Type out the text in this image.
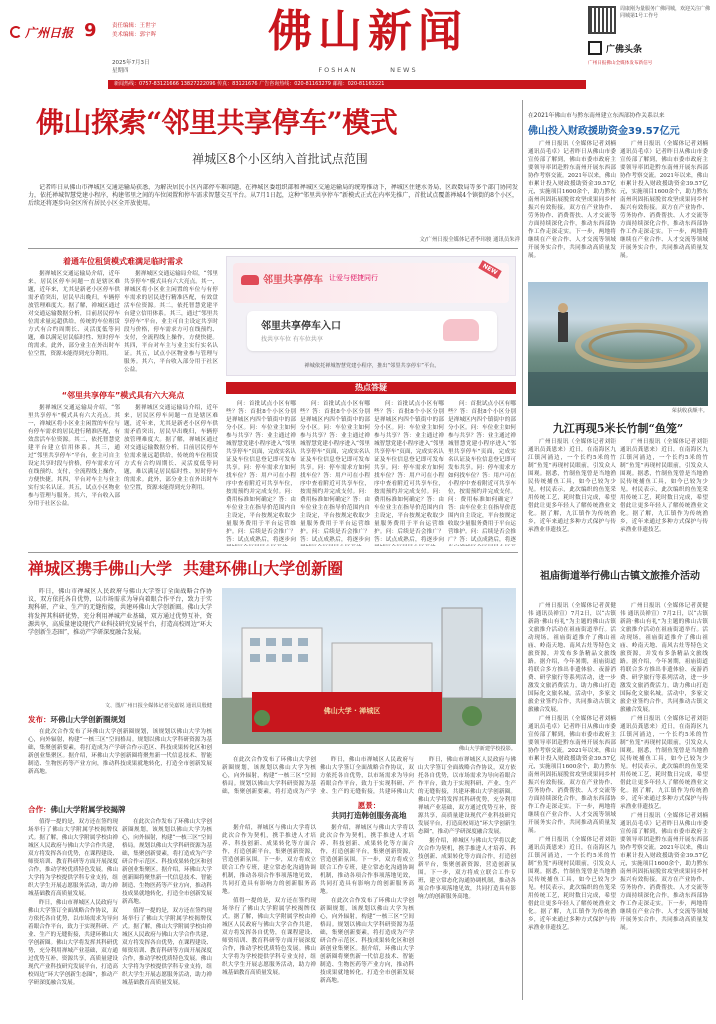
广州日报 9	责任编辑：王世宇
美术编辑：郭宇晖
2025年7月3日
星期四
佛山新闻
FOSHAN        NEWS
周康刚为量服务广佛同城，欢迎关注广佛同城第1号工作号
广佛头条
广州日报佛山全媒体发布新信号
新闻热线：0757-83121666 13827222096 传真：83121676 广告咨询热线：020-81163279 邮箱：020-81163221
佛山探索“邻里共享停车”模式
禅城区8个小区纳入首批试点范围

记者昨日从佛山市禅城区交通运输局获悉，为解决居民小区内部停车难问题，在禅城区委组织部和禅城区交通运输局的统筹推动下，禅城区住建水务局、区政数局等多个部门协同发力，依托禅城智慧党建小程序，构建邻里之间的车位闲置和停车需求智慧交互平台。从7月1日起，这种“邻里共享停车”新模式正式在内率先推广，首批试点覆盖禅城4个镇街的8个小区，后续还将逐步向全区所有居民小区全开放使用。

文/广州日报全媒体记者李玮骏 通讯员朱祥
着通车位租赁模式难满足临时需求

据禅城区交通运输局介绍，近年来，居民区停车问题一直是辖区难题，近年来，尤其是新老小区停车供需矛盾突出，居民早出晚归，车辆停放管理难度大。据了解，禅城区通过对交通运输数据分析，目前居民停车位需求量远超供给，传统的车位租赁方式有合约周期长、灵活度低等问题，难以满足居民临时性、短时停车的需求。此外，部分业主在外出时车位空置，资源未能得到充分利用。

据禅城区交通运输局介绍，“邻里共享停车”模式具有六大亮点。其一，禅城区将小区业主闲置的车位与有停车需求的居民进行精准匹配，有效盘活车位资源。其二，依托智慧党建平台建立信用体系。其三，通过“邻里共享停车”平台，业主可自主设定共享时段与价格，停车需求方可在线预约、支付，全流程线上操作，方便快捷。其四，平台对车主与业主实行实名认证。其五，试点小区物业参与管理与服务。其六，平台收入部分用于社区公益。

邻里共享停车 让爱与便捷同行
NEW
邻里共享停车入口
找共享车位 有车位共享
禅城依托禅城智慧党建小程序，推出“邻里共享停车”平台。
“邻里共享停车”模式具有六大亮点

据禅城区交通运输局介绍，“邻里共享停车”模式具有六大亮点。其一，禅城区将小区业主闲置的车位与有停车需求的居民进行精准匹配，有效盘活车位资源。其二，依托智慧党建平台建立信用体系。其三，通过“邻里共享停车”平台，业主可自主设定共享时段与价格，停车需求方可在线预约、支付，全流程线上操作，方便快捷。其四，平台对车主与业主实行实名认证。其五，试点小区物业参与管理与服务。其六，平台收入部分用于社区公益。

据禅城区交通运输局介绍，近年来，居民区停车问题一直是辖区难题，近年来，尤其是新老小区停车供需矛盾突出，居民早出晚归，车辆停放管理难度大。据了解，禅城区通过对交通运输数据分析，目前居民停车位需求量远超供给，传统的车位租赁方式有合约周期长、灵活度低等问题，难以满足居民临时性、短时停车的需求。此外，部分业主在外出时车位空置，资源未能得到充分利用。

热点答疑

问：首批试点小区有哪些？答：首批8个小区分别是禅城区内四个镇街中的部分小区。问：车位业主如何参与共享？答：业主通过禅城智慧党建小程序进入“邻里共享停车”页面，完成实名认证及车位信息登记即可发布共享。问：停车需求方如何找车位？答：用户可在小程序中查看附近可共享车位，按需预约并完成支付。问：费用标准如何确定？答：由车位业主在指导价范围内自主设定，平台按规定收取少量服务费用于平台运营维护。问：后续是否会推广？答：试点成熟后，将逐步向

问：首批试点小区有哪些？答：首批8个小区分别是禅城区内四个镇街中的部分小区。问：车位业主如何参与共享？答：业主通过禅城智慧党建小程序进入“邻里共享停车”页面，完成实名认证及车位信息登记即可发布共享。问：停车需求方如何找车位？答：用户可在小程序中查看附近可共享车位，按需预约并完成支付。问：费用标准如何确定？答：由车位业主在指导价范围内自主设定，平台按规定收取少量服务费用于平台运营维护。问：后续是否会推广？答：试点成熟后，将逐步向

问：首批试点小区有哪些？答：首批8个小区分别是禅城区内四个镇街中的部分小区。问：车位业主如何参与共享？答：业主通过禅城智慧党建小程序进入“邻里共享停车”页面，完成实名认证及车位信息登记即可发布共享。问：停车需求方如何找车位？答：用户可在小程序中查看附近可共享车位，按需预约并完成支付。问：费用标准如何确定？答：由车位业主在指导价范围内自主设定，平台按规定收取少量服务费用于平台运营维护。问：后续是否会推广？答：试点成熟后，将逐步向

问：首批试点小区有哪些？答：首批8个小区分别是禅城区内四个镇街中的部分小区。问：车位业主如何参与共享？答：业主通过禅城智慧党建小程序进入“邻里共享停车”页面，完成实名认证及车位信息登记即可发布共享。问：停车需求方如何找车位？答：用户可在小程序中查看附近可共享车位，按需预约并完成支付。问：费用标准如何确定？答：由车位业主在指导价范围内自主设定，平台按规定收取少量服务费用于平台运营维护。问：后续是否会推广？答：试点成熟后，将逐

在2021年佛山市与黔东南州建立东西部协作关系以来
佛山投入财政援助资金39.57亿元

广州日报讯（全媒体记者刘楠 通讯员毛卓）记者昨日从佛山市委宣传部了解到，佛山市委市政府主要领导率团赴黔东南州开展东西部协作考察交流。2021年以来，佛山市累计投入财政援助资金39.57亿元，实施项目1600余个，助力黔东南州巩固拓展脱贫攻坚成果同乡村振兴有效衔接。双方在产业协作、劳务协作、消费帮扶、人才交流等方面持续深化合作，推动东西部协作工作走深走实。下一步，两地将继续在产业合作、人才交流等领域开展务实合作，共同推动高质量发展。

广州日报讯（全媒体记者刘楠 通讯员毛卓）记者昨日从佛山市委宣传部了解到，佛山市委市政府主要领导率团赴黔东南州开展东西部协作考察交流。2021年以来，佛山市累计投入财政援助资金39.57亿元，实施项目1600余个，助力黔东南州巩固拓展脱贫攻坚成果同乡村振兴有效衔接。双方在产业协作、劳务协作、消费帮扶、人才交流等方面持续深化合作，推动东西部协作工作走深走实。下一步，两地将继续在产业合作、人才交流等领域开展务实合作，共同推动高质量发展。

荣获收获颇丰。
九江再现5米长竹制“鱼笼”

广州日报讯（全媒体记者刘钜 通讯员龚恩来）近日，在南海区九江镇河涌边，一个长约5米的竹制“鱼笼”再现村民眼前，引发众人围观。据悉，竹制鱼笼曾是当地渔民传统捕鱼工具，如今已较为少见。村民表示，此次编织的鱼笼采用传统工艺，耗时数日完成，希望借此让更多年轻人了解传统渔业文化。据了解，九江镇作为传统渔乡，近年来通过多种方式保护与传承渔业非遗技艺。

广州日报讯（全媒体记者刘钜 通讯员龚恩来）近日，在南海区九江镇河涌边，一个长约5米的竹制“鱼笼”再现村民眼前，引发众人围观。据悉，竹制鱼笼曾是当地渔民传统捕鱼工具，如今已较为少见。村民表示，此次编织的鱼笼采用传统工艺，耗时数日完成，希望借此让更多年轻人了解传统渔业文化。据了解，九江镇作为传统渔乡，近年来通过多种方式保护与传承渔业非遗技艺。

祖庙街道举行佛山古镇文旅推介活动

广州日报讯（全媒体记者黄健伟 通讯员禅宣）7月2日，以“古镇新韵·佛山有礼”为主题的佛山古镇文旅推介活动在祖庙街道举行。活动现场，祖庙街道推介了佛山祖庙、岭南天地、南风古灶等特色文旅资源，并发布多条精品文旅线路。据介绍，今年暑期，祖庙街道将联合多方推出非遗体验、夜游消费、研学旅行等系列活动，进一步激发文旅消费活力，助力佛山打造国际化文旅名城。活动中，多家文旅企业签约合作，共同推动古镇文旅融合发展。

广州日报讯（全媒体记者刘楠 通讯员毛卓）记者昨日从佛山市委宣传部了解到，佛山市委市政府主要领导率团赴黔东南州开展东西部协作考察交流。2021年以来，佛山市累计投入财政援助资金39.57亿元，实施项目1600余个，助力黔东南州巩固拓展脱贫攻坚成果同乡村振兴有效衔接。双方在产业协作、劳务协作、消费帮扶、人才交流等方面持续深化合作，推动东西部协作工作走深走实。下一步，两地将继续在产业合作、人才交流等领域开展务实合作，共同推动高质量发展。

广州日报讯（全媒体记者刘钜 通讯员龚恩来）近日，在南海区九江镇河涌边，一个长约5米的竹制“鱼笼”再现村民眼前，引发众人围观。据悉，竹制鱼笼曾是当地渔民传统捕鱼工具，如今已较为少见。村民表示，此次编织的鱼笼采用传统工艺，耗时数日完成，希望借此让更多年轻人了解传统渔业文化。据了解，九江镇作为传统渔乡，近年来通过多种方式保护与传承渔业非遗技艺。

广州日报讯（全媒体记者黄健伟 通讯员禅宣）7月2日，以“古镇新韵·佛山有礼”为主题的佛山古镇文旅推介活动在祖庙街道举行。活动现场，祖庙街道推介了佛山祖庙、岭南天地、南风古灶等特色文旅资源，并发布多条精品文旅线路。据介绍，今年暑期，祖庙街道将联合多方推出非遗体验、夜游消费、研学旅行等系列活动，进一步激发文旅消费活力，助力佛山打造国际化文旅名城。活动中，多家文旅企业签约合作，共同推动古镇文旅融合发展。

广州日报讯（全媒体记者刘钜 通讯员龚恩来）近日，在南海区九江镇河涌边，一个长约5米的竹制“鱼笼”再现村民眼前，引发众人围观。据悉，竹制鱼笼曾是当地渔民传统捕鱼工具，如今已较为少见。村民表示，此次编织的鱼笼采用传统工艺，耗时数日完成，希望借此让更多年轻人了解传统渔业文化。据了解，九江镇作为传统渔乡，近年来通过多种方式保护与传承渔业非遗技艺。

广州日报讯（全媒体记者刘楠 通讯员毛卓）记者昨日从佛山市委宣传部了解到，佛山市委市政府主要领导率团赴黔东南州开展东西部协作考察交流。2021年以来，佛山市累计投入财政援助资金39.57亿元，实施项目1600余个，助力黔东南州巩固拓展脱贫攻坚成果同乡村振兴有效衔接。双方在产业协作、劳务协作、消费帮扶、人才交流等方面持续深化合作，推动东西部协作工作走深走实。下一步，两地将继续在产业合作、人才交流等领域开展务实合作，共同推动高质量发展。

禅城区携手佛山大学  共建环佛山大学创新圈

昨日，佛山市禅城区人民政府与佛山大学签订全面战略合作协议，双方依托各自优势，以市场需求为导向着眼合作平台，致力于实现科研、产业、生产的无缝衔接，共建环佛山大学创新圈。佛山大学将发挥其科研优势，充分利用禅城产业基础，双方通过优势互补，资源共享，高质量建设现代产业科技研究发展平台，打造高校周边“环大学创新生态圈”，推动产学研深度融合发展。

文、图/广州日报全媒体记者吴嘉锐 通讯员殷健
佛山大学 · 禅城区
佛山大学新建学校投影。
发布：环佛山大学创新圈规划

在此次合作发布了环佛山大学创新圈规划，该规划以佛山大学为核心，向外辐射，构建“一核三区”空间格局。规划以佛山大学科研资源为基础，集聚创新要素，将打造成为产学研合作示范区、科技成果转化区和创新创业集聚区。据介绍，环佛山大学创新圈将聚焦新一代信息技术、智能制造、生物医药等产业方向，推动科技成果就地转化，打造全市创新发展新高地。

合作：佛山大学附属学校揭牌

值得一提的是，双方还在签约现场举行了佛山大学附属学校揭牌仪式。据了解，佛山大学附属学校由禅城区人民政府与佛山大学合作共建，双方将发挥各自优势，在课程建设、师资培训、教育科研等方面开展深度合作，推动学校优质特色发展。佛山大学将为学校提供学科专业支持，组织大学生开展志愿服务活动，助力禅城基础教育高质量发展。

昨日，佛山市禅城区人民政府与佛山大学签订全面战略合作协议，双方依托各自优势，以市场需求为导向着眼合作平台，致力于实现科研、产业、生产的无缝衔接，共建环佛山大学创新圈。佛山大学将发挥其科研优势，充分利用禅城产业基础，双方通过优势互补，资源共享，高质量建设现代产业科技研究发展平台，打造高校周边“环大学创新生态圈”，推动产学研深度融合发展。

在此次合作发布了环佛山大学创新圈规划，该规划以佛山大学为核心，向外辐射，构建“一核三区”空间格局。规划以佛山大学科研资源为基础，集聚创新要素，将打造成为产学研合作示范区、科技成果转化区和创新创业集聚区。据介绍，环佛山大学创新圈将聚焦新一代信息技术、智能制造、生物医药等产业方向，推动科技成果就地转化，打造全市创新发展新高地。

值得一提的是，双方还在签约现场举行了佛山大学附属学校揭牌仪式。据了解，佛山大学附属学校由禅城区人民政府与佛山大学合作共建，双方将发挥各自优势，在课程建设、师资培训、教育科研等方面开展深度合作，推动学校优质特色发展。佛山大学将为学校提供学科专业支持，组织大学生开展志愿服务活动，助力禅城基础教育高质量发展。

在此次合作发布了环佛山大学创新圈规划，该规划以佛山大学为核心，向外辐射，构建“一核三区”空间格局。规划以佛山大学科研资源为基础，集聚创新要素，将打造成为产学

昨日，佛山市禅城区人民政府与佛山大学签订全面战略合作协议，双方依托各自优势，以市场需求为导向着眼合作平台，致力于实现科研、产业、生产的无缝衔接，共建环佛山大

愿景：
共同打造韩创服务高地

据介绍，禅城区与佛山大学将以此次合作为契机，携手推进人才培养、科技创新、成果转化等方面合作，打造创新平台，集聚创新资源，营造创新氛围。下一步，双方将成立联合工作专班，建立常态化沟通协调机制，推动各项合作事项落地见效，共同打造具有影响力的创新服务高地。

值得一提的是，双方还在签约现场举行了佛山大学附属学校揭牌仪式。据了解，佛山大学附属学校由禅城区人民政府与佛山大学合作共建，双方将发挥各自优势，在课程建设、师资培训、教育科研等方面开展深度合作，推动学校优质特色发展。佛山大学将为学校提供学科专业支持，组织大学生开展志愿服务活动，助力禅城基础教育高质量发展。

据介绍，禅城区与佛山大学将以此次合作为契机，携手推进人才培养、科技创新、成果转化等方面合作，打造创新平台，集聚创新资源，营造创新氛围。下一步，双方将成立联合工作专班，建立常态化沟通协调机制，推动各项合作事项落地见效，共同打造具有影响力的创新服务高地。

在此次合作发布了环佛山大学创新圈规划，该规划以佛山大学为核心，向外辐射，构建“一核三区”空间格局。规划以佛山大学科研资源为基础，集聚创新要素，将打造成为产学研合作示范区、科技成果转化区和创新创业集聚区。据介绍，环佛山大学创新圈将聚焦新一代信息技术、智能制造、生物医药等产业方向，推动科技成果就地转化，打造全市创新发展新高地。

昨日，佛山市禅城区人民政府与佛山大学签订全面战略合作协议，双方依托各自优势，以市场需求为导向着眼合作平台，致力于实现科研、产业、生产的无缝衔接，共建环佛山大学创新圈。佛山大学将发挥其科研优势，充分利用禅城产业基础，双方通过优势互补，资源共享，高质量建设现代产业科技研究发展平台，打造高校周边“环大学创新生态圈”，推动产学研深度融合发展。

据介绍，禅城区与佛山大学将以此次合作为契机，携手推进人才培养、科技创新、成果转化等方面合作，打造创新平台，集聚创新资源，营造创新氛围。下一步，双方将成立联合工作专班，建立常态化沟通协调机制，推动各项合作事项落地见效，共同打造具有影响力的创新服务高地。
